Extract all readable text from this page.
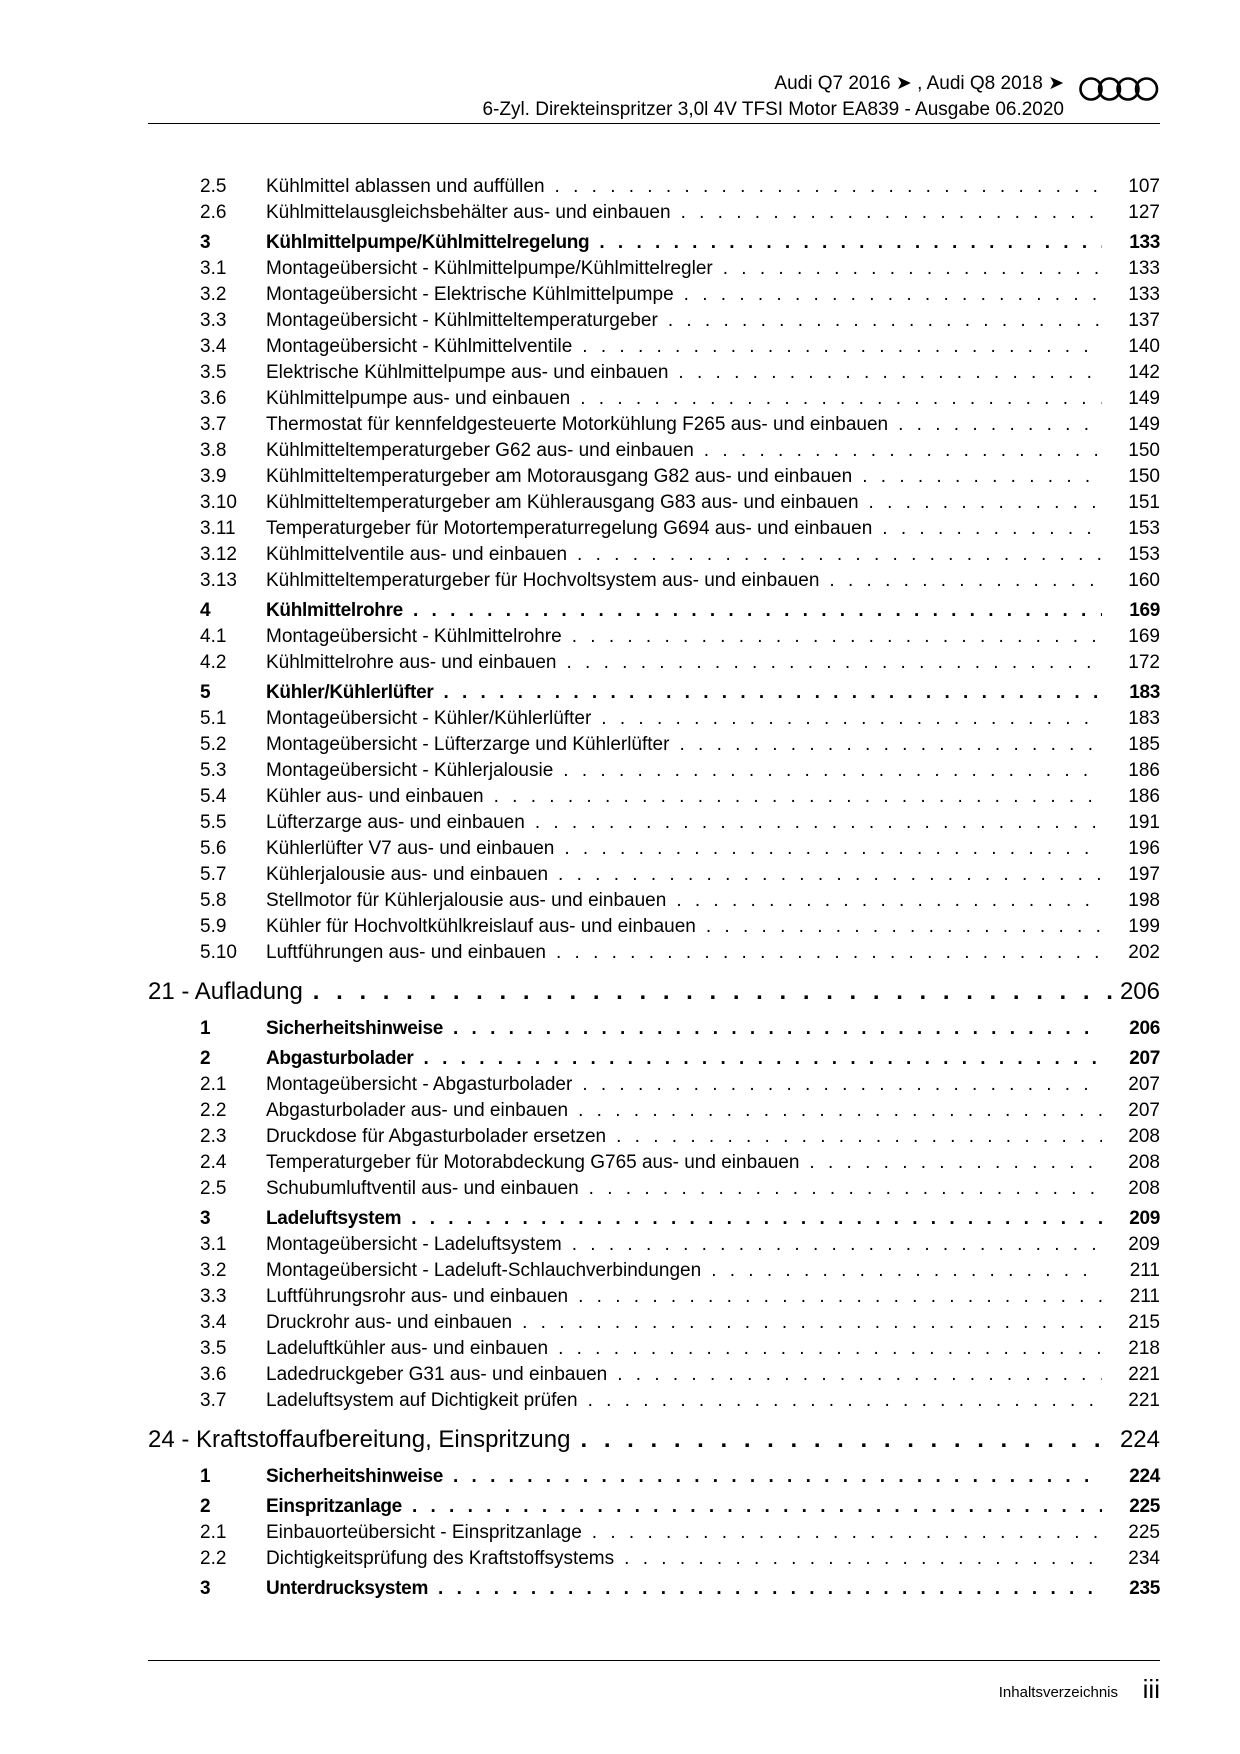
Audi Q7 2016 ➤ , Audi Q8 2018 ➤
6-Zyl. Direkteinspritzer 3,0l 4V TFSI Motor EA839 - Ausgabe 06.2020
2.5 Kühlmittel ablassen und auffüllen . . .	107
2.6 Kühlmittelausgleichsbehälter aus- und einbauen . . .	127
3	Kühlmittelpumpe/Kühlmittelregelung . . .	133
3.1 Montageübersicht - Kühlmittelpumpe/Kühlmittelregler . . .	133
3.2 Montageübersicht - Elektrische Kühlmittelpumpe . . .	133
3.3 Montageübersicht - Kühlmitteltemperaturgeber . . .	137
3.4 Montageübersicht - Kühlmittelventile . . .	140
3.5 Elektrische Kühlmittelpumpe aus- und einbauen . . .	142
3.6 Kühlmittelpumpe aus- und einbauen . . .	149
3.7 Thermostat für kennfeldgesteuerte Motorkühlung F265 aus- und einbauen . . .	149
3.8 Kühlmitteltemperaturgeber G62 aus- und einbauen . . .	150
3.9 Kühlmitteltemperaturgeber am Motorausgang G82 aus- und einbauen . . .	150
3.10 Kühlmitteltemperaturgeber am Kühlerausgang G83 aus- und einbauen . . .	151
3.11 Temperaturgeber für Motortemperaturregelung G694 aus- und einbauen . . .	153
3.12 Kühlmittelventile aus- und einbauen . . .	153
3.13 Kühlmitteltemperaturgeber für Hochvoltsystem aus- und einbauen . . .	160
4	Kühlmittelrohre . . .	169
4.1 Montageübersicht - Kühlmittelrohre . . .	169
4.2 Kühlmittelrohre aus- und einbauen . . .	172
5	Kühler/Kühlerlüfter . . .	183
5.1 Montageübersicht - Kühler/Kühlerlüfter . . .	183
5.2 Montageübersicht - Lüfterzarge und Kühlerlüfter . . .	185
5.3 Montageübersicht - Kühlerjalousie . . .	186
5.4 Kühler aus- und einbauen . . .	186
5.5 Lüfterzarge aus- und einbauen . . .	191
5.6 Kühlerlüfter V7 aus- und einbauen . . .	196
5.7 Kühlerjalousie aus- und einbauen . . .	197
5.8 Stellmotor für Kühlerjalousie aus- und einbauen . . .	198
5.9 Kühler für Hochvoltkühlkreislauf aus- und einbauen . . .	199
5.10 Luftführungen aus- und einbauen . . .	202
21 - Aufladung . . .	206
1	Sicherheitshinweise . . .	206
2	Abgasturbolader . . .	207
2.1 Montageübersicht - Abgasturbolader . . .	207
2.2 Abgasturbolader aus- und einbauen . . .	207
2.3 Druckdose für Abgasturbolader ersetzen . . .	208
2.4 Temperaturgeber für Motorabdeckung G765 aus- und einbauen . . .	208
2.5 Schubumluftventil aus- und einbauen . . .	208
3	Ladeluftsystem . . .	209
3.1 Montageübersicht - Ladeluftsystem . . .	209
3.2 Montageübersicht - Ladeluft-Schlauchverbindungen . . .	211
3.3 Luftführungsrohr aus- und einbauen . . .	211
3.4 Druckrohr aus- und einbauen . . .	215
3.5 Ladeluftkühler aus- und einbauen . . .	218
3.6 Ladedruckgeber G31 aus- und einbauen . . .	221
3.7 Ladeluftsystem auf Dichtigkeit prüfen . . .	221
24 - Kraftstoffaufbereitung, Einspritzung . . .	224
1	Sicherheitshinweise . . .	224
2	Einspritzanlage . . .	225
2.1 Einbauorteübersicht - Einspritzanlage . . .	225
2.2 Dichtigkeitsprüfung des Kraftstoffsystems . . .	234
3	Unterdrucksystem . . .	235
Inhaltsverzeichnis iii
